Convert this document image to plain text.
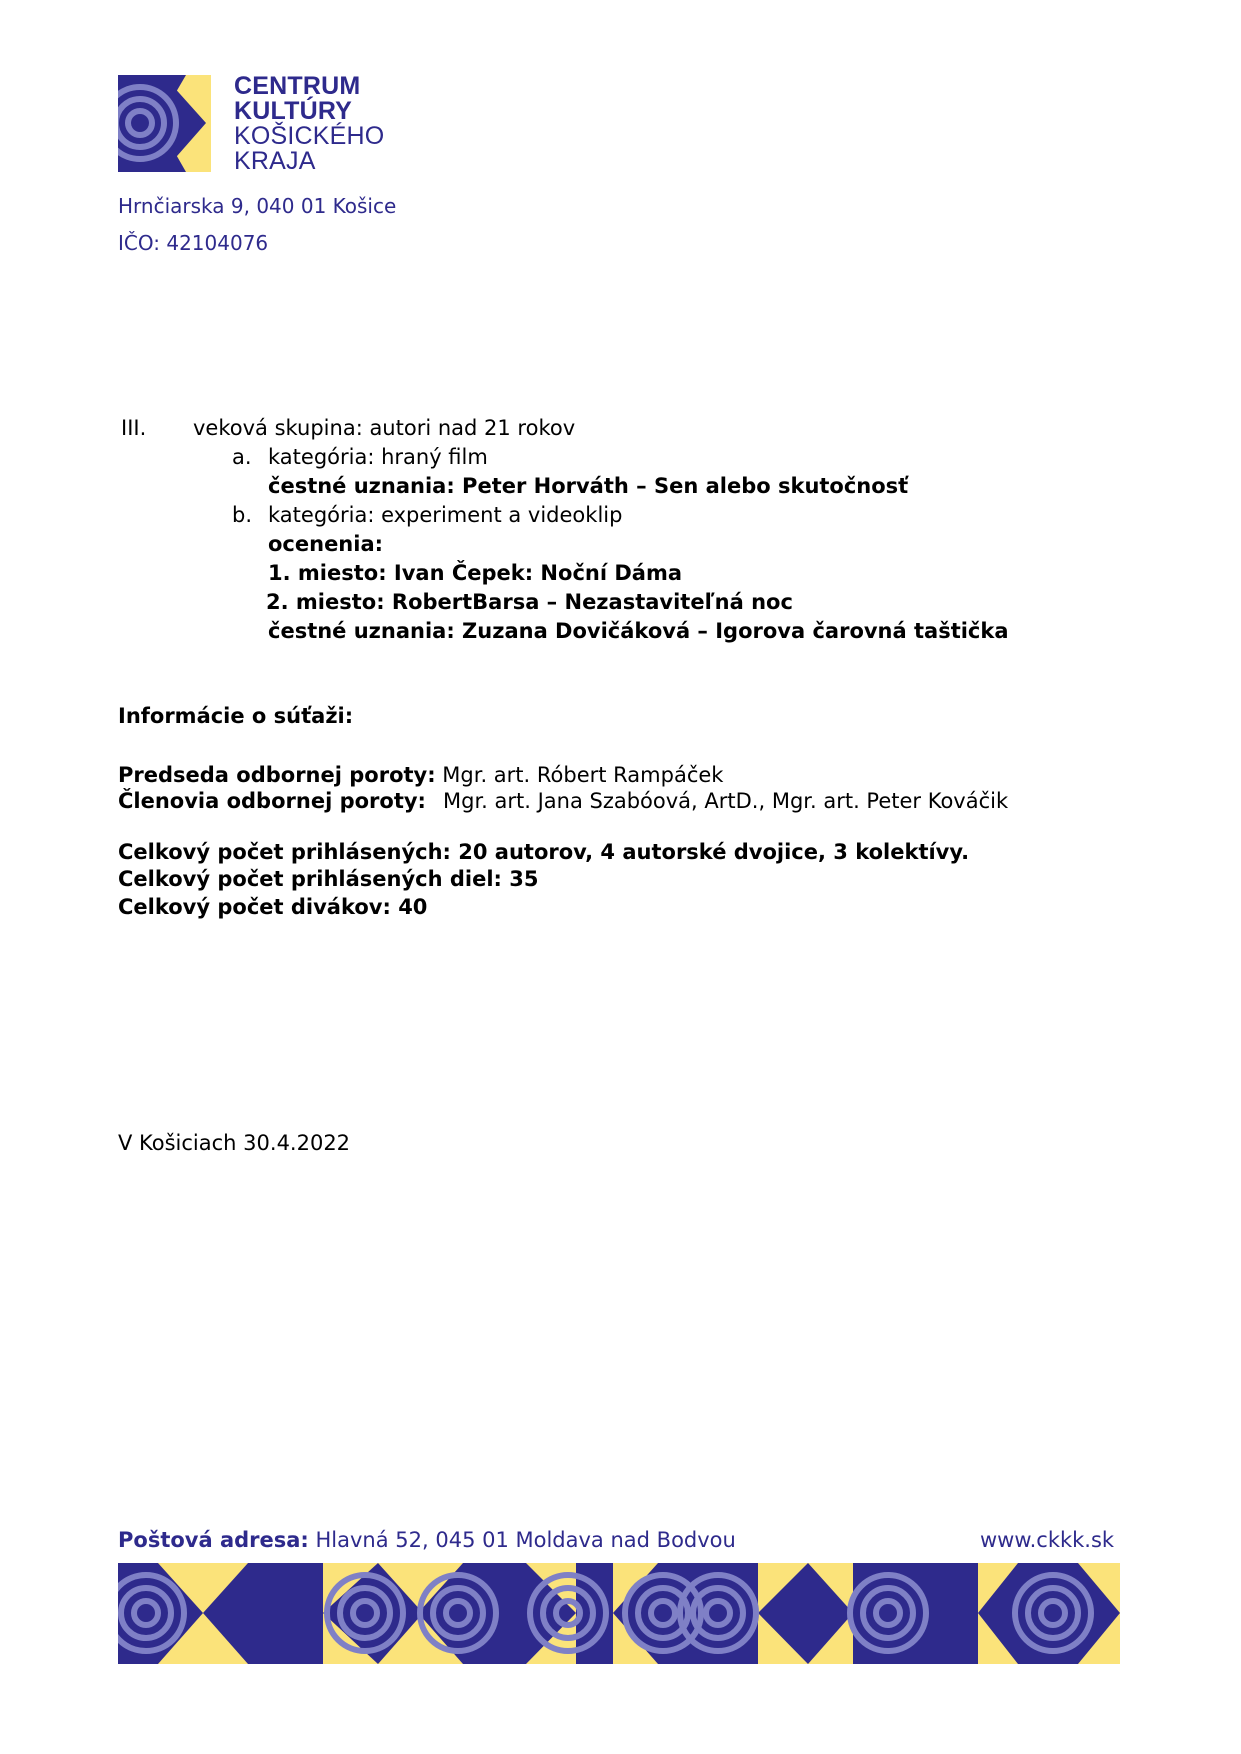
CENTRUM
KULTÚRY
KOŠICKÉHO
KRAJA
Hrnčiarska 9, 040 01 Košice
IČO: 42104076
III. veková skupina: autori nad 21 rokov
a. kategória: hraný film
čestné uznania: Peter Horváth – Sen alebo skutočnosť
b. kategória: experiment a videoklip
ocenenia:
1. miesto: Ivan Čepek: Noční Dáma
2. miesto: RobertBarsa – Nezastaviteľná noc
čestné uznania: Zuzana Dovičáková – Igorova čarovná taštička
Informácie o súťaži:
Predseda odbornej poroty: Mgr. art. Róbert Rampáček
Členovia odbornej poroty: Mgr. art. Jana Szabóová, ArtD., Mgr. art. Peter Kováčik
Celkový počet prihlásených: 20 autorov, 4 autorské dvojice, 3 kolektívy.
Celkový počet prihlásených diel: 35
Celkový počet divákov: 40
V Košiciach 30.4.2022
Poštová adresa: Hlavná 52, 045 01 Moldava nad Bodvou	www.ckkk.sk
